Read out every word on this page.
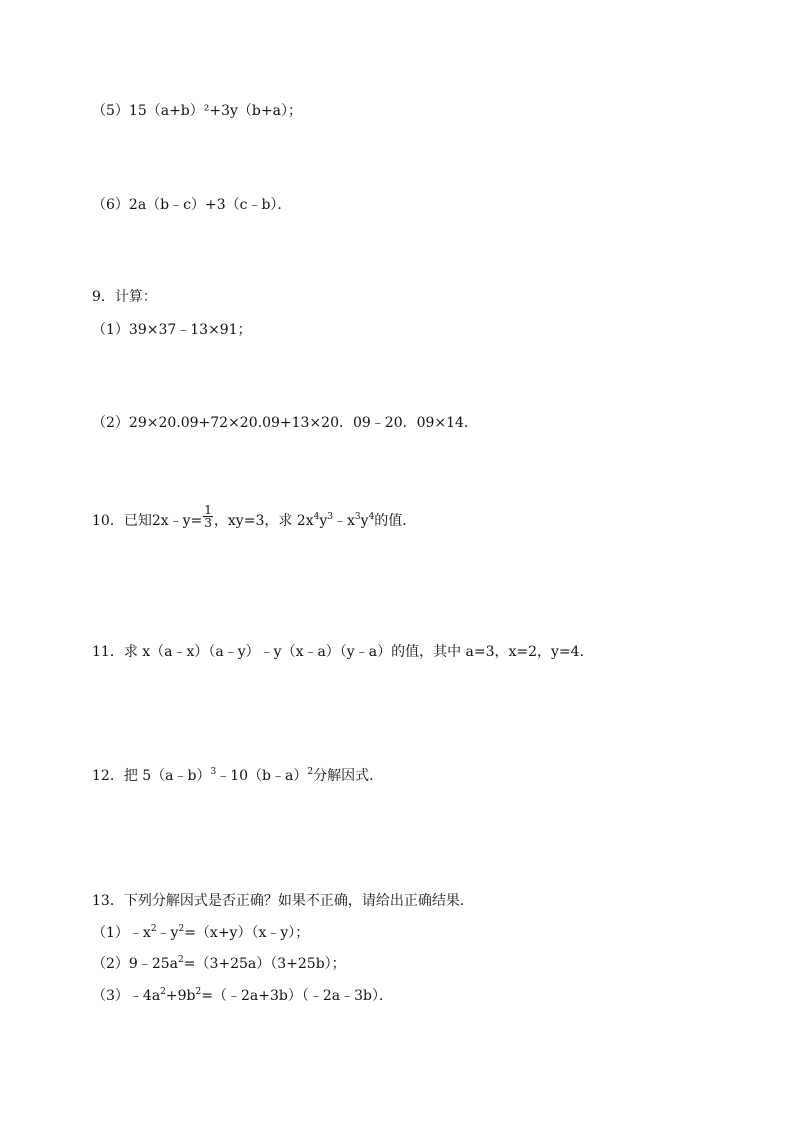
（5）15（a+b）²+3y（b+a）；
（6）2a（b﹣c）+3（c﹣b）．
9．计算：
（1）39×37﹣13×91；
（2）29×20.09+72×20.09+13×20．09﹣20．09×14．
10．已知2x﹣y= $\frac{1}{3}$ ，xy=3，求 $2x^4y^3﹣x^3y^4$的值．
11．求 x（a﹣x）（a﹣y）﹣y（x﹣a）（y﹣a）的值，其中 a=3，x=2，y=4．
12．把 5（a﹣b）$^3$﹣10（b﹣a）$^2$分解因式．
13．下列分解因式是否正确？如果不正确，请给出正确结果．
$(1)﹣x^2﹣y^2=(x+y)(x﹣y)$；
$(2)9﹣25a^2=(3+25a)(3+25b)$；
$(3)﹣4a^2+9b^2=(﹣2a+3b)(﹣2a﹣3b)$．
